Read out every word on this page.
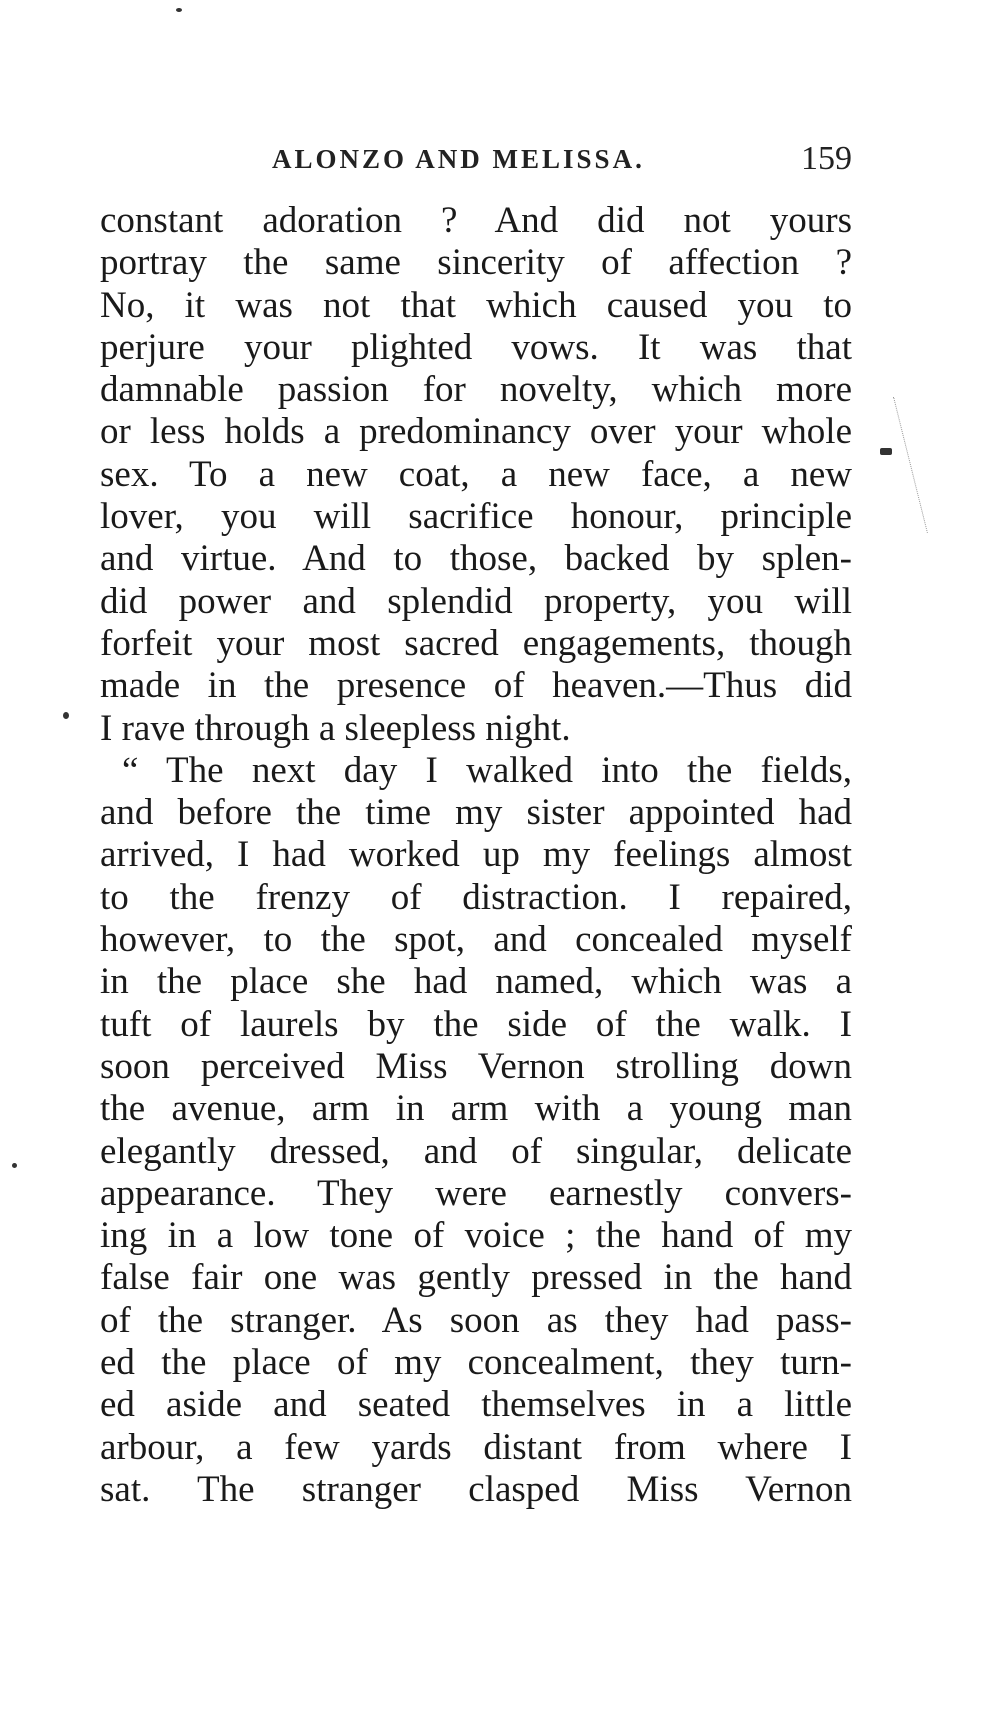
ALONZO AND MELISSA.	159
constant adoration ? And did not yours
portray the same sincerity of affection ?
No, it was not that which caused you to
perjure your plighted vows. It was that
damnable passion for novelty, which more
or less holds a predominancy over your whole
sex. To a new coat, a new face, a new
lover, you will sacrifice honour, principle
and virtue. And to those, backed by splen-
did power and splendid property, you will
forfeit your most sacred engagements, though
made in the presence of heaven.—Thus did
I rave through a sleepless night.
“ The next day I walked into the fields,
and before the time my sister appointed had
arrived, I had worked up my feelings almost
to the frenzy of distraction. I repaired,
however, to the spot, and concealed myself
in the place she had named, which was a
tuft of laurels by the side of the walk. I
soon perceived Miss Vernon strolling down
the avenue, arm in arm with a young man
elegantly dressed, and of singular, delicate
appearance. They were earnestly convers-
ing in a low tone of voice ; the hand of my
false fair one was gently pressed in the hand
of the stranger. As soon as they had pass-
ed the place of my concealment, they turn-
ed aside and seated themselves in a little
arbour, a few yards distant from where I
sat. The stranger clasped Miss Vernon
